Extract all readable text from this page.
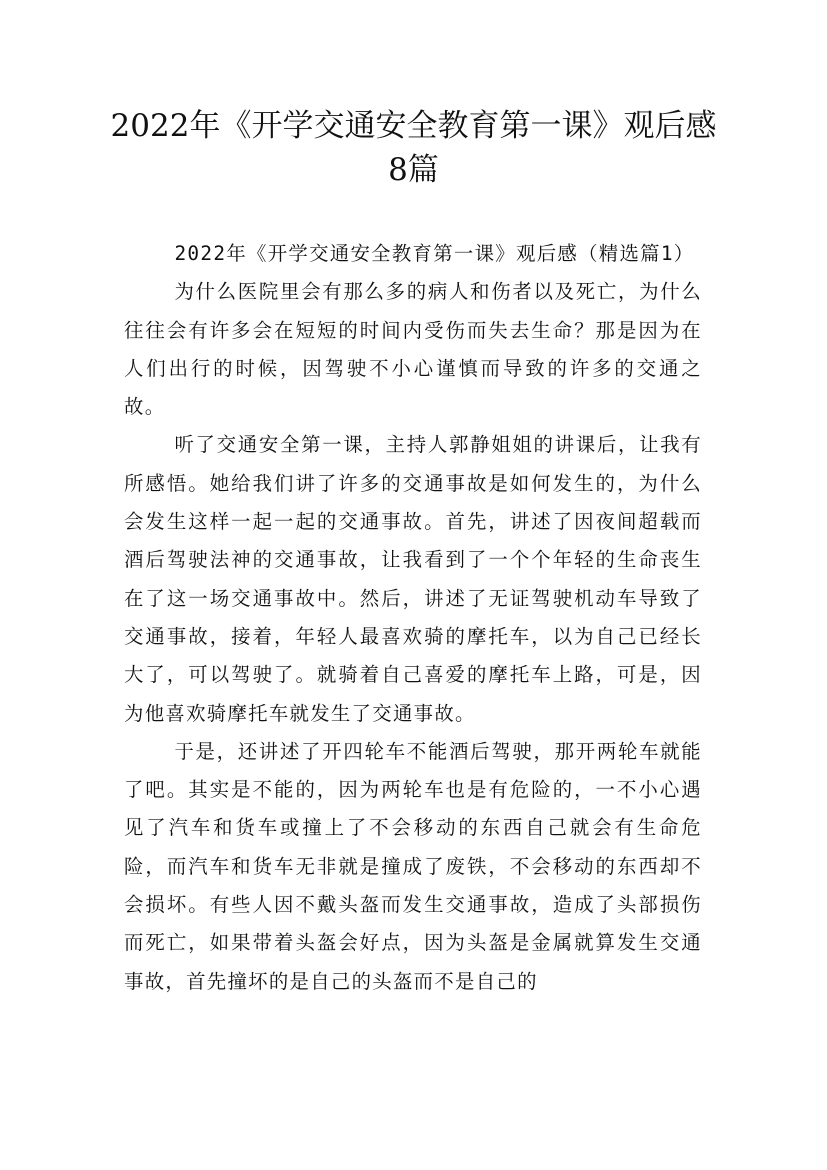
2022年《开学交通安全教育第一课》观后感
8篇

2022年《开学交通安全教育第一课》观后感（精选篇1）

为什么医院里会有那么多的病人和伤者以及死亡，为什么往往会有许多会在短短的时间内受伤而失去生命？那是因为在人们出行的时候，因驾驶不小心谨慎而导致的许多的交通之故。

听了交通安全第一课，主持人郭静姐姐的讲课后，让我有所感悟。她给我们讲了许多的交通事故是如何发生的，为什么会发生这样一起一起的交通事故。首先，讲述了因夜间超载而酒后驾驶法神的交通事故，让我看到了一个个年轻的生命丧生在了这一场交通事故中。然后，讲述了无证驾驶机动车导致了交通事故，接着，年轻人最喜欢骑的摩托车，以为自己已经长大了，可以驾驶了。就骑着自己喜爱的摩托车上路，可是，因为他喜欢骑摩托车就发生了交通事故。

于是，还讲述了开四轮车不能酒后驾驶，那开两轮车就能了吧。其实是不能的，因为两轮车也是有危险的，一不小心遇见了汽车和货车或撞上了不会移动的东西自己就会有生命危险，而汽车和货车无非就是撞成了废铁，不会移动的东西却不会损坏。有些人因不戴头盔而发生交通事故，造成了头部损伤而死亡，如果带着头盔会好点，因为头盔是金属就算发生交通事故，首先撞坏的是自己的头盔而不是自己的
